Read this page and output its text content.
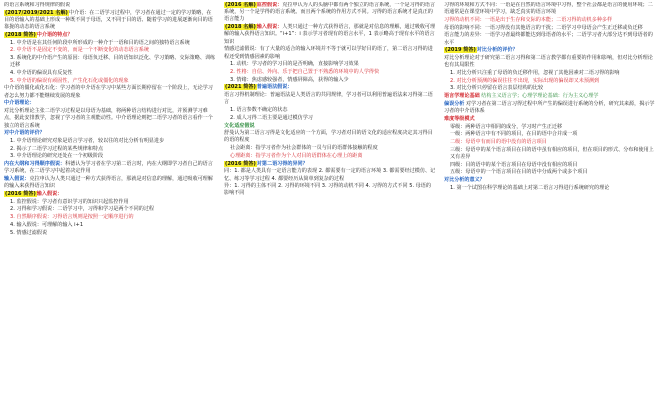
的语言系统和习得规律的假说

(2017/2019/2021 名解)中介语：在二语学习过程中，学习者在通过一定的学习策略，在目的语输入的基础上形成一种既不同于母语，又不同于目的语、随着学习的进展逐渐向目的语靠拢的动态的语言系统

(2018 简答)中介语的特点？

1. 中介语是在其任何阶段中所形成的一种介于一语和目的语之间的独特语言系统

2. 中介语不是固定不变的，而是一个不断变化的动态语言系统

3. 系统化的中介语产生的原因：母语负迁移、目的语知识泛化、学习策略、交际策略、训练迁移

4. 中介语的偏误具有反复性

5. 中介语的偏误有顽固性，产生化石化或僵化的现象

中介语的僵化或化石化：学习者的中介语在学习中某些方面长期停留在一个阶段上，无论学习者怎么努力都不能继续发展的现象

中介语理论：

对比分析理论主张二语学习过程是以母语为基础，将两种语言结构进行对比，并预测学习难点，据此安排教学，忽视了学习者的主观能动性。中介语理论则把二语学习者的语言看作一个独立的语言系统

对中介语的评价？

1. 中介语理论研究对象是语言学习者，较以往的对比分析有明显进步

2. 揭示了二语学习过程的某些规律和特点

3. 中介语理论的研究还处在一个初级阶段

内在大纲和习得顺序假说：科德认为学习者在学习第二语言时，内在大纲即学习者自己的语言学习系统，在二语学习中起着决定作用

输入假说：克拉申认为人类只通过一种方式获得语言，那就是对信息的理解，通过吸收可理解的输入来获得语言知识

(2016 简答)输入假说：

1. 监控假说：学习者有意识学习的知识只起监控作用

2. 习得和学习假说：二语学习中，习得和学习是两个不同的过程

3. 自然顺序假说：习得语言规则是按照一定顺序进行的

4. 输入假说：可理解的输入 i+1

5. 情感过滤假说

(2016 名解)监控假说：克拉申认为人的头脑中都有两个独立的语言系统，一个是习得的语言系统，另一个是学得的语言系统。而且两个系统的作用方式不同。习得的语言系统才是真正的语言能力

(2018 名解)输入假说：人类只通过一种方式获得语言，那就是对信息的理解，通过吸收可理解的输入获得语言知识。“i+1”：i 表示学习者现有的语言水平，1 表示略高于现有水平的语言知识

情感过滤假说：有了大量的适合的输入环境并不等于就可以学好目的语了，第二语言习得的进程还受到情感因素的影响

1. 动机：学习者的学习目的是否明确，直接影响学习效果

2. 性格：自信、外向、乐于把自己置于不熟悉的环境中的人学得快

3. 情绪：焦虑感较强者，情感屏障高，获得的输入少

(2021 简答)普遍语法假说：

语言习得机制理论：普遍语法是人类语言的共同规律，学习者可以利用普遍语法来习得第二语言

1. 语言参数不确定的状态

2. 成人习得二语主要是通过模仿学习

文化适应假说

舒曼认为第二语言习得是文化适应的一个方面，学习者对目的语文化的适应程度决定其习得目的语的程度

社会距离：指学习者作为社会群体的一员与目的语群体接触的程度

心理距离：指学习者作为个人对目的语群体在心理上的距离

(2016 简答)对第二语习得的异同？

同：1. 都是人类具有一定语言能力的表现 2. 都需要有一定的语言环境 3. 都需要经过模仿、记忆、练习等学习过程 4. 都要经历从简单到复杂的过程

异：1. 习得的主体不同 2. 习得的环境不同 3. 习得的动机不同 4. 习得的方式不同 5. 母语的影响不同

习得的环境和方式不同：一语是在自然的语言环境中习得，整个社会都是语言的使用环境；二语通常是在课堂环境中学习，缺乏真实的语言环境

习得的动机不同：一语是出于生存和交际的本能；二语习得的动机多种多样

母语的影响不同：一语习得没有其他语言的干扰；二语学习中母语会产生正迁移或负迁移

语言能力的差异：一语学习者最终都能达到母语者的水平；二语学习者大部分达不到母语者的水平

(2019 简答)对比分析的评价？

对比分析理论对于研究第二语言习得和第二语言教学都有重要的作用和影响，但对比分析理论也有其局限性

1. 对比分析只注重了母语的负迁移作用，忽视了其他因素对二语习得的影响

2. 对比分析预测的偏误往往不出现，实际出现的偏误却又未预测到

3. 对比分析只停留在语言表层结构的比较

语言学理论基础 结构主义语言学；心理学理论基础：行为主义心理学

偏误分析 对学习者在第二语言习得过程中所产生的偏误进行系统的分析，研究其来源，揭示学习者的中介语体系

难度等级模式

零级：两种语言中相同的成分，学习时产生正迁移

一级：两种语言中有不同的项目，在目的语中合并成一项

二级：母语中有而目的语中没有的语言项目

三级：母语中的某个语言项目在目的语中虽有相应的项目，但在项目的形式、分布和使用上又有差异

四级：目的语中的某个语言项目在母语中没有相应的项目

五级：母语中的一个语言项目在目的语中分成两个或多个项目

对比分析的意义？

1. 第一个试图在科学理论的基础上对第二语言习得进行系统研究的理论
